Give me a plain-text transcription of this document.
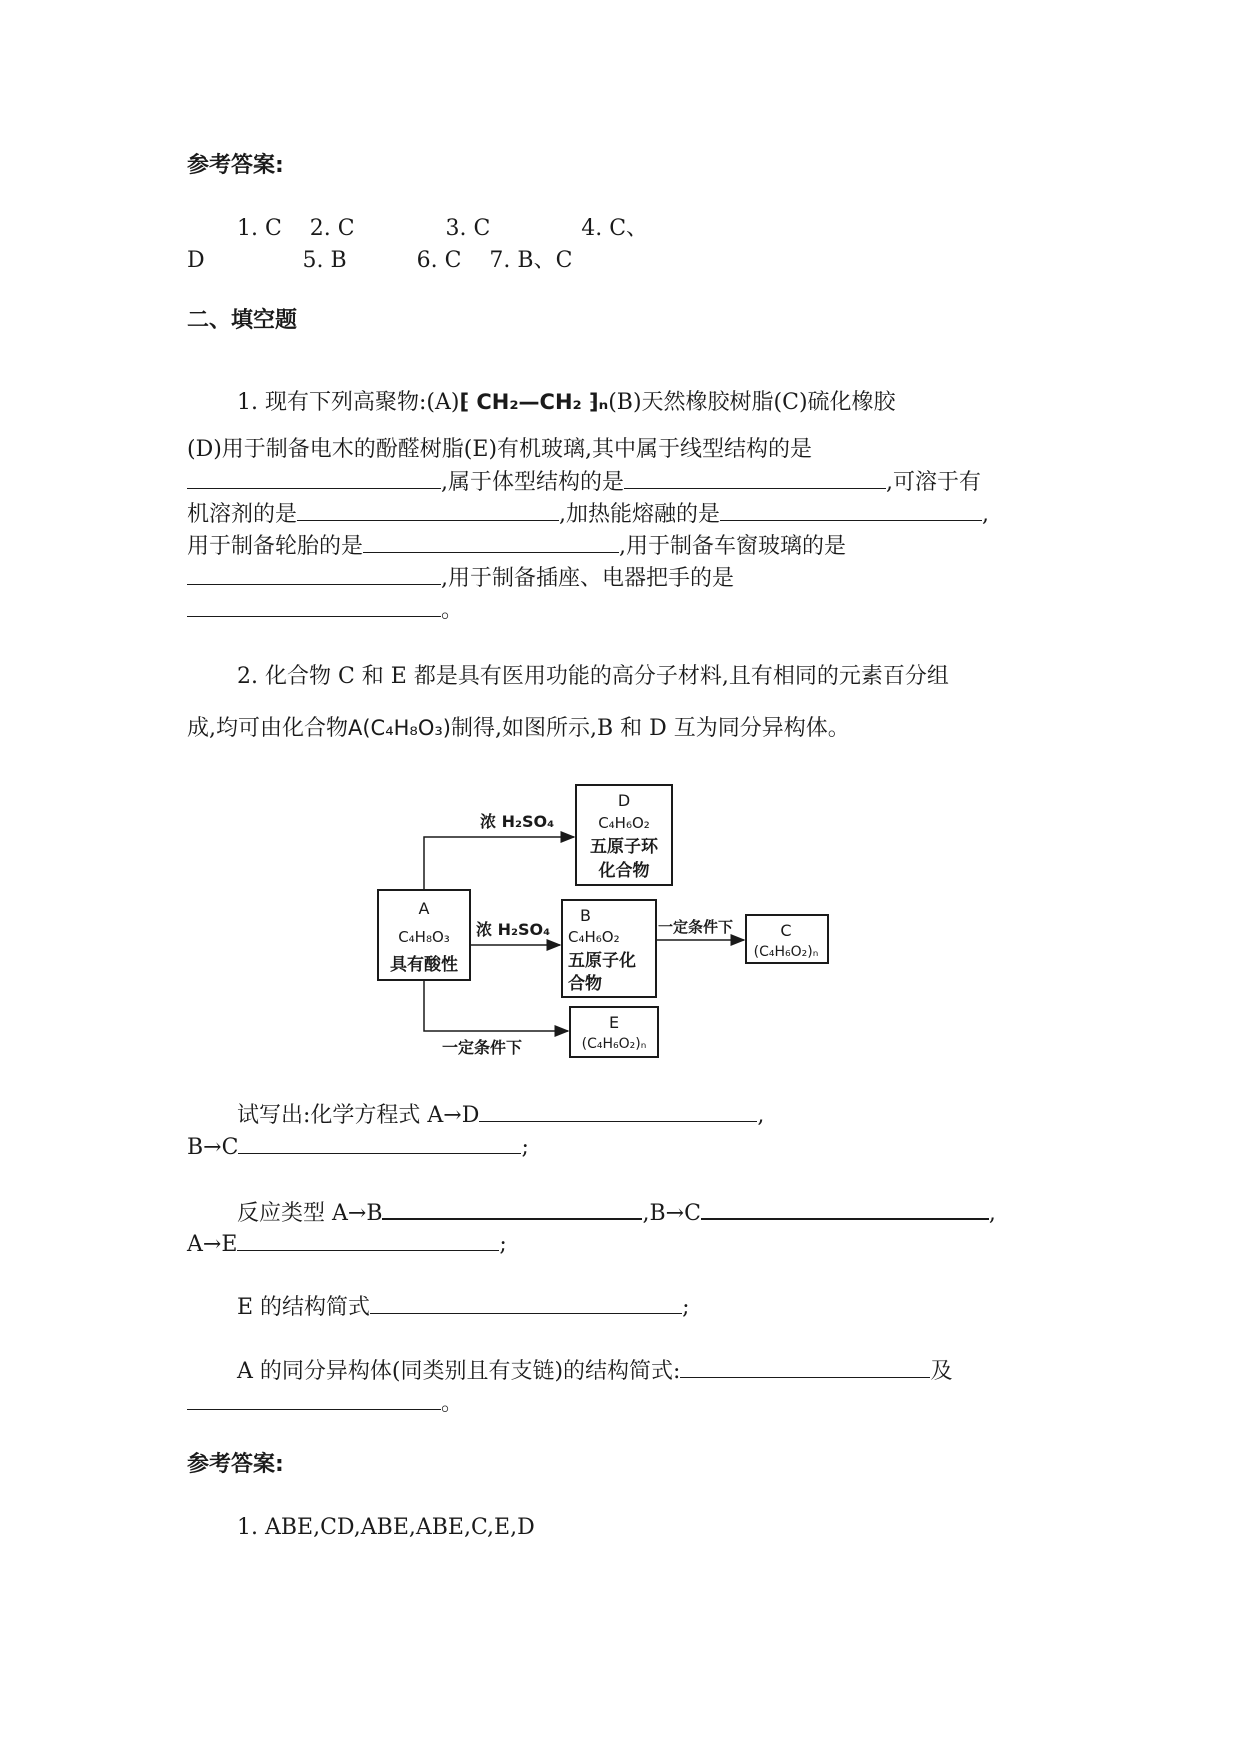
参考答案:
1. C    2. C             3. C             4. C、
D              5. B          6. C    7. B、C
二、填空题
1. 现有下列高聚物:(A)⁅ CH₂—CH₂ ⁆ₙ(B)天然橡胶树脂(C)硫化橡胶
(D)用于制备电木的酚醛树脂(E)有机玻璃,其中属于线型结构的是
,属于体型结构的是	,可溶于有
机溶剂的是	,加热能熔融的是	,
用于制备轮胎的是	,用于制备车窗玻璃的是
,用于制备插座、电器把手的是
。
2. 化合物 C 和 E 都是具有医用功能的高分子材料,且有相同的元素百分组
成,均可由化合物A(C₄H₈O₃)制得,如图所示,B 和 D 互为同分异构体。
A
C₄H₈O₃
具有酸性
D
C₄H₆O₂
五原子环
化合物
B
C₄H₆O₂
五原子化
合物
C
(C₄H₆O₂)ₙ
E
(C₄H₆O₂)ₙ
浓 H₂SO₄
浓 H₂SO₄	一定条件下
一定条件下
试写出:化学方程式 A→D	,
B→C	;
反应类型 A→B	,B→C	,
A→E	;
E 的结构简式	;
A 的同分异构体(同类别且有支链)的结构简式:	及
。
参考答案:
1. ABE,CD,ABE,ABE,C,E,D
